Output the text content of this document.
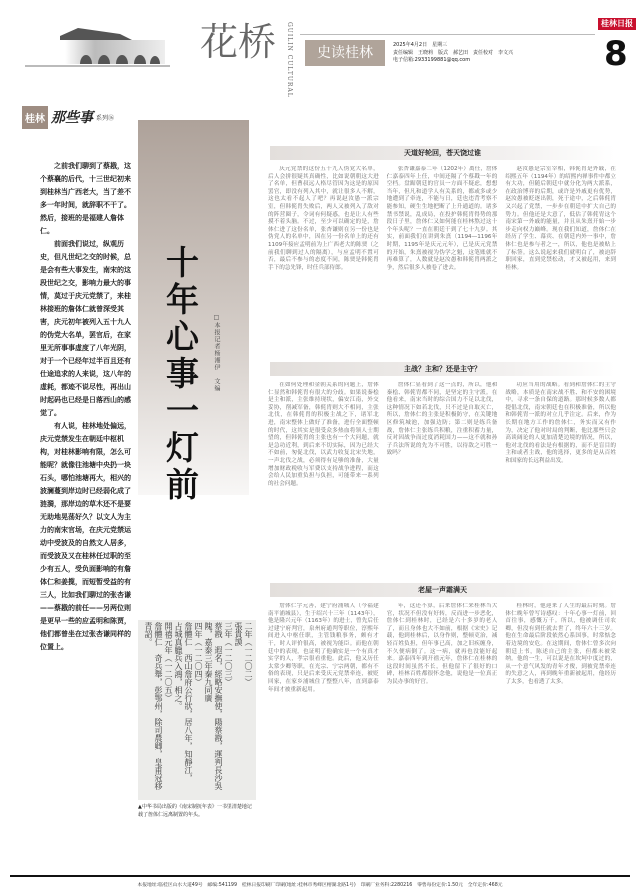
花桥 GUILIN CULTURAL	史读桂林	2025年4月2日　星期三
责任编辑　王晓莉　版式　郝艺田　责任校对　李文兴
电子信箱:2933199881@qq.com
桂林日报
8
桂林 那些事 系列⑯

之前我们聊到了蔡戡，这个蔡襄的后代，十三世纪初来到桂林当广西老大，当了差不多一年时间，就辞职不干了。然后，接班的是福建人詹体仁。

前面我们说过，纵观历史，但凡世纪之交的时候，总是会有些大事发生，南宋的这段世纪之交，影响力最大的事情，莫过于庆元党禁了，来桂林接班的詹体仁就曾深受其害，庆元初年被列入五十九人的伪党大名单，罢官后，在家里无所事事虚度了八年光阴，对于一个已经年过半百且还有仕途追求的人来说，这八年的虚耗，都迹不说尽性，再出山时起码也已经是日落西山的感觉了。

有人说，桂林地处偏远，庆元党禁发生在朝廷中枢机构，对桂林影响有限，怎么可能呢？就像往池塘中央扔一块石头，哪怕池塘再大，相兴的波澜蔓到岸边时已经弱化成了涟漪，那岸边的草木还不是要无助地晃荡好久？以文人为主力的南宋官场，在庆元党禁运动中受波及的自然文人居多，而受波及又在桂林任过职的至少有五人，受负面影响的有詹体仁和姜揽，而短暂受益的有三人，比如我们聊过的张杏谦——蔡戡的前任——另两位则是更早一些的应孟明和陈贾，他们都曾坐在过张杏谦同样的位置上。

十年心事一灯前 □本报记者杨湘伊　文编
二年（一二〇二）
張貴謨
三年（一二〇三）
蔡戡　遐名，經略安撫使，陽蔡戡，運判長沙吳
隗，嘉泰三年秦九同廣
四年（一二〇四）
詹體仁　西山詹府公行狀，居八年，知靜江，
占城真臘兵入鴻，相之。
開禧元年（一二〇五）
詹體仁　奇兵舉，彭鄂州，除司農卿，皇甫冠移
青詔。
▲中华书局出版的《南宋制抚年表》一书里清楚地记载了詹体仁远离制置的年头。
天道好轮回，苍天饶过谁

庆元党禁的这份五十九人伪党大名单，后人会拼很疑其真确性，比如说朝朝这大进了名单，但曹叔远人格尽管因为这是的原因罢官，即没有列入其中，就让很多人不解，这也太看不起人了吧？再说赵汝愚一派宗室，但韩侂胄失败后，两人又被列入了敌对的阵营圈子，令词有何疑惑，也是让人有些摸不着头脑。不过，至少可以确定的是，詹体仁进了这份名单，张杏谦则在另一份也是伪党人的名单中，因在另一份名单上的还有1109年接应孟明前为上广西老大的陈贾（之前我们聊到过人的隔离），与应孟明不置可否，最后不参与的态度不同，陈贾是韩侂胄手下的急先锋，时任兵部侍郎。

张杏谦嘉泰二年（1202年）离任，詹体仁嘉泰四年上任，中间还隔了个蔡戡一年的空档。盘踞朝廷的官员一方面不疑虑，想想当年，但凡和道学人有关系的，都或多或少地遭到了牵连，不能与日，廷也违背考察不能参知，硬生生地把断了上升通道的。诸多禁书禁说，乱成局，在投护韩侂胄得势的那段日子里，詹体仁又如何能在桂林熬过这十个年头呢？一直在朝廷干到了七十九岁。其实，前面我们在讲到朱熹（1194—1196年时期，1195年是庆元元年），已是庆元党禁的开始，朱熹被视为伪学之魁，这笔账就不再难算了，人数就是赵汝愚和韩侂胄两派之争，然后很多人被卷了进去。

赵汝愚是宗室宰相，韩侂胄是外戚，在绍熙五年（1194年）的绍熙内禅事件中都立有大功，但随后朝廷中就分化为两大派系，在政治博弈的后期，或许是外戚更有优势，赵汝愚被贬逐出朝，死于途中，之后韩侂胄又兴起了党禁，一步步在朝廷中扩大自己的势力。但他还是大意了，低估了韩侂胄这个南宋第一外戚的能量，并且从朱熹开始一步步走向权力巅峰。现在我们知道，詹体仁在经历了学生、幕宾、在朝廷内外一事中，詹体仁也是参与者之一，所以，他也是被贴上了标签。这么说起来我们就明白了，被迫辞职回家，直到党禁松动，才又被起用，来到桂林。

主战？主和？还是主守？

在如何处理和金朝关系的问题上，詹体仁显然和韩侂胄有很大的分歧。如果说秦桧是主和派，主张维持现状，偏安江南，外交妥协，削减军备，韩侂胄则大不相同，主张北伐，在韩侂胄的积极主战之下，诸军北进，南宋整体上做好了准备，进行全面整顿的时代，这其实是很受众多热血将领人士期望的，但韩侂胄的主张也有一个大问题，就是急功近利，到后来不切实际，因为已经大不如前，匆促北伐，以武力收复北宋失地，一声北伐之战，必须得有足够的准备，大量增加财政税收与军费以支持战争进程，而这会给人民加重负担与负担，可能带来一系列的社会问题。

詹体仁显看到了这一点的，所以，他和秦桧、韩侂胄都不同，是坚定的主守派。在他看来，南宋当时的综合国力不足以北伐，这种情况下如若北伐，只不过是自取灭亡，所以，詹体仁的主张是积极防守，在关键地区修筑城池，加强边防；第二则是练兵备战，詹体仁主张练兵积粮，注重积蓄力量，反对因战争而过度消耗国力——这不就和孙子兵法所说的先为不可胜，以待敌之可胜一致吗？

功应当用的战略。看到和詹体仁的主守战略，本质是在南宋战不胜、和不安的困境中，寻求一条自保的道路。那时候多数人都提倡北伐，南宋朝廷也在积极准备，所以他和韩侂胄一派的对立几乎注定。后来，作为长期在地方工作的詹体仁，务实而又有作为，决定了他对时局的判断，他比那些只会高谈阔论的人更加清楚边境的情况，所以，他对北伐的看法是有根据的，而不是盲目的主和或者主战，他的选择，更多的是从百姓和国家的长远利益出发。

老屋一声霜满天

詹体仁字元善，建宁府浦城人（今福建南平浦城县），生于绍兴十三年（1143年），他是隆兴元年（1163年）的进士，曾先后任过建宁府判官，泉州府通判等职位，淳熙年间进入中枢任职，主管钱粮事务，颇有才干，时人评价很高，被视为能臣。而他在朝廷中的表现，也证明了他确实是一个有真才实学的人，孝宗很看重他。此后，他又历任太常少卿等职，在光宗、宁宗两朝，都有不俗的表现，只是后来受庆元党禁牵连，被贬回家，在家乡浦城住了整整八年，直到嘉泰年间才被重新起用。

年，这还不算，后来詹体仁来桂林当大官，状况不但没有好转，反而进一步恶化，詹体仁到桂林时，已经是六十多岁的老人了，而且身体也大不如前，根据《宋史》记载，他到桂林后，以身作则，整顿吏治，减轻百姓负担，但年事已高，加之旧疾缠身，不久便病倒了。这一病，就再也没能好起来。嘉泰四年到开禧元年，詹体仁在桂林的这段时间虽然不长，但他留下了很好的口碑，桂林百姓都很怀念他，说他是一位真正为民办事的好官。

桂林时，他迎来了人生的最后时刻。詹体仁晚年曾写诗感叹：十年心事一灯前，回首往事，感慨万千。所以，他被调任司农卿，但没有到任就去世了，终年六十三岁。他在生命最后阶段依然心系国事，时常惦念着边境的安危。在这期间，詹体仁曾多次向朝廷上书，陈述自己的主张，但都未被采纳。他的一生，可以说是在坎坷中度过的，从一个意气风发的青年才俊，到被党禁牵连的失意之人，再到晚年重新被起用，他经历了太多，也看透了太多。

本报地址:临桂区山水大道49号　邮编:541199　桂林日报印刷厂印刷(地址:桂林市秀峰区榕湖北路1号)　印刷厂业务科:2280216　零售每份定价:1.50元　全年定价:468元
